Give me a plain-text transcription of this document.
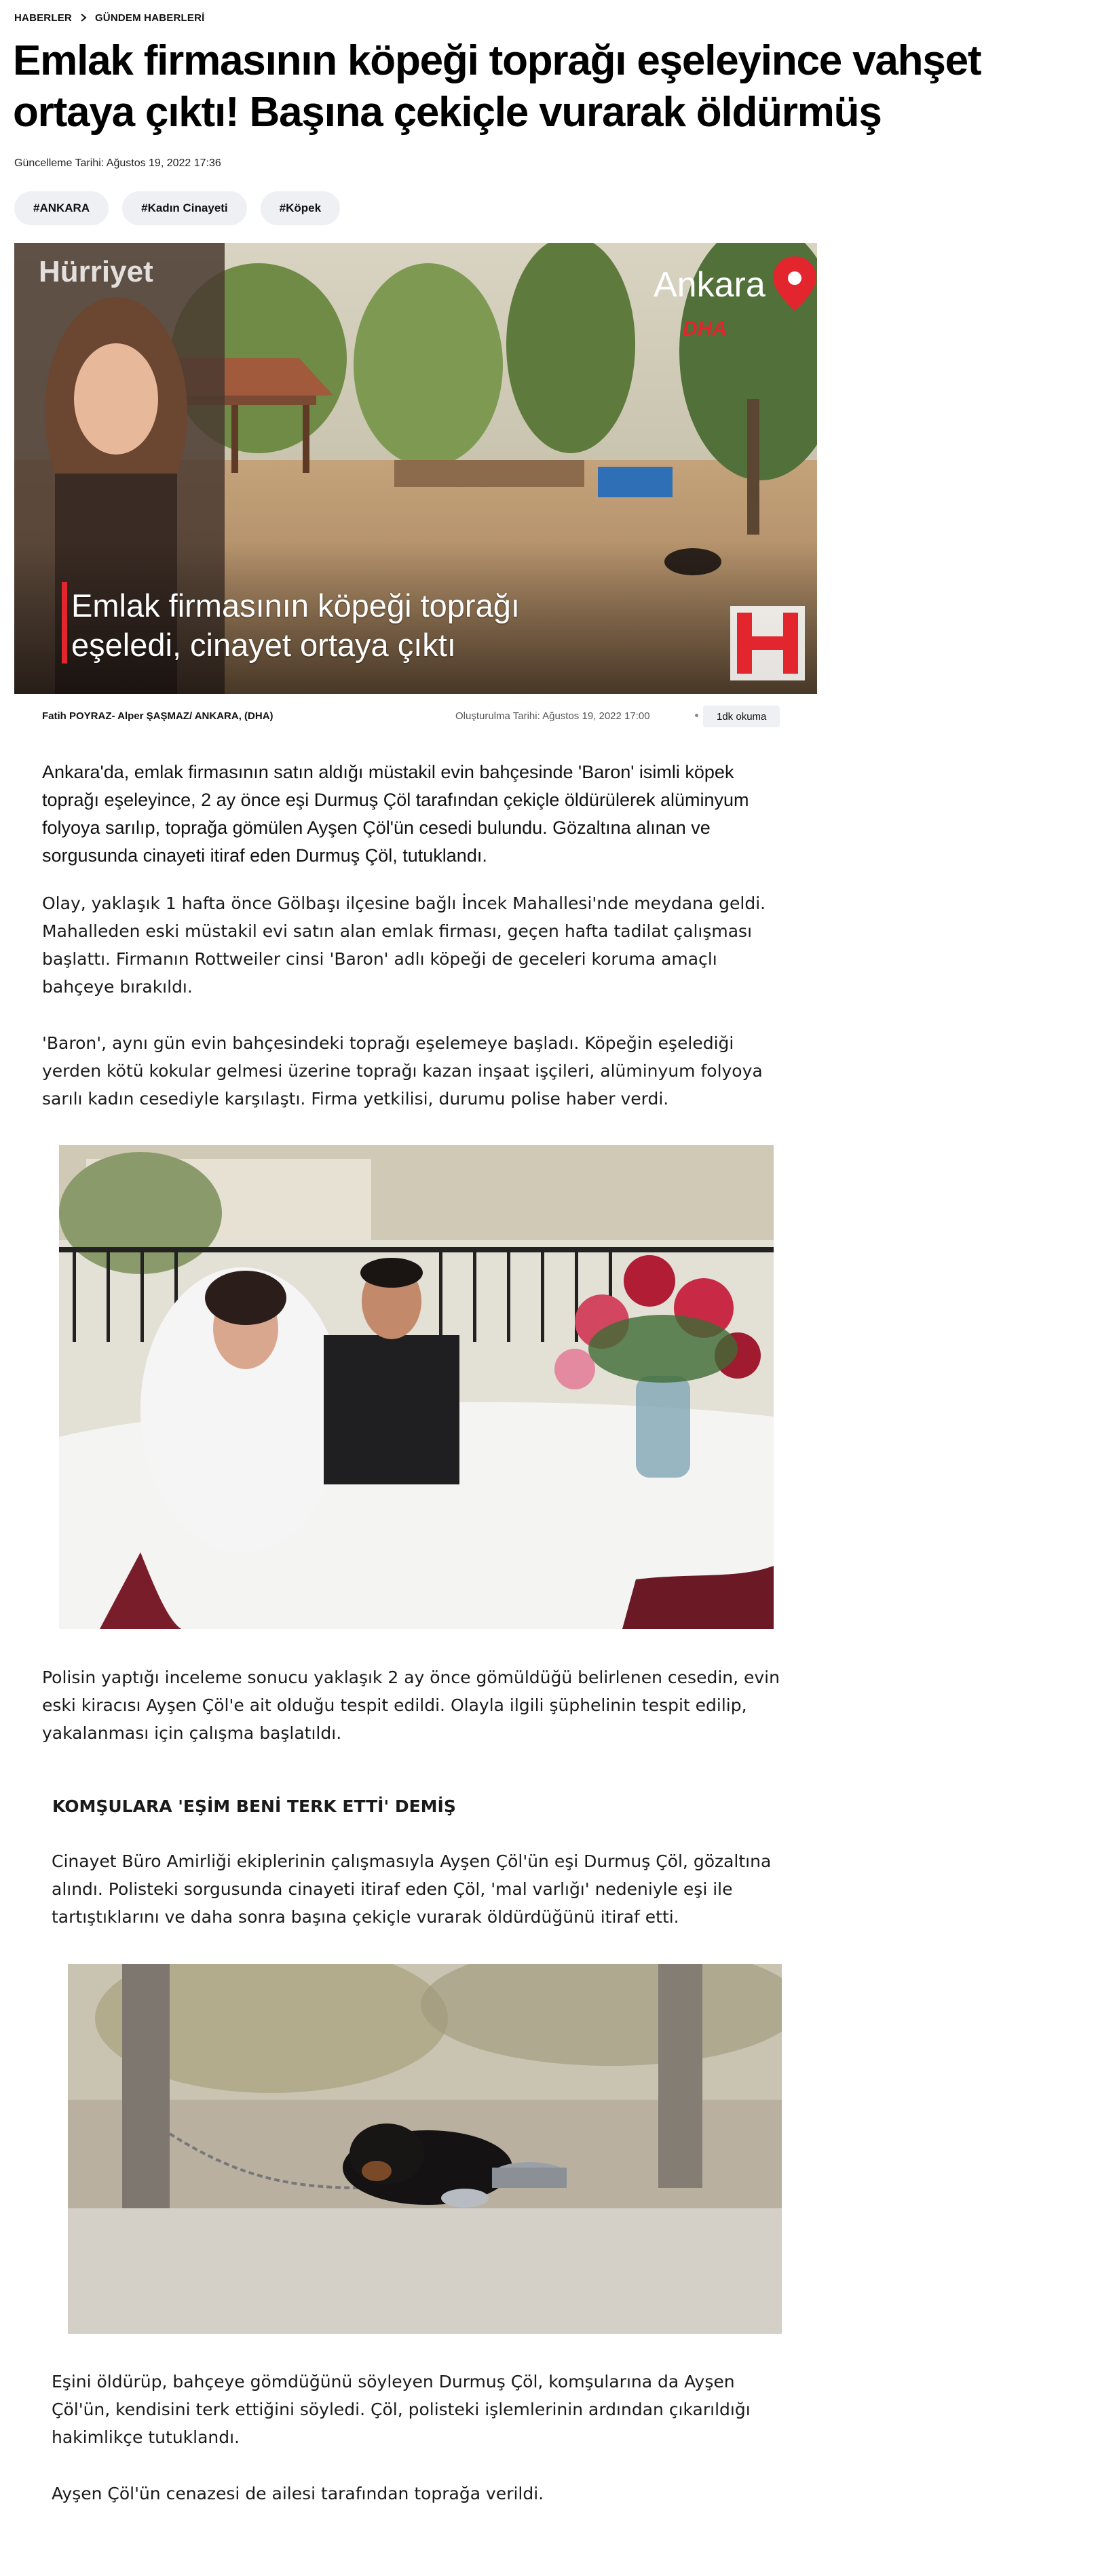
HABERLER GÜNDEM HABERLERİ
Emlak firmasının köpeği toprağı eşeleyince vahşet ortaya çıktı! Başına çekiçle vurarak öldürmüş
Güncelleme Tarihi: Ağustos 19, 2022 17:36
#ANKARA	#Kadın Cinayeti	#Köpek
Hürriyet	Ankara
DHA
Emlak firmasının köpeği toprağı eşeledi, cinayet ortaya çıktı
Fatih POYRAZ- Alper ŞAŞMAZ/ ANKARA, (DHA)	Oluşturulma Tarihi: Ağustos 19, 2022 17:00	1dk okuma

Ankara'da, emlak firmasının satın aldığı müstakil evin bahçesinde 'Baron' isimli köpek toprağı eşeleyince, 2 ay önce eşi Durmuş Çöl tarafından çekiçle öldürülerek alüminyum folyoya sarılıp, toprağa gömülen Ayşen Çöl'ün cesedi bulundu. Gözaltına alınan ve sorgusunda cinayeti itiraf eden Durmuş Çöl, tutuklandı.

Olay, yaklaşık 1 hafta önce Gölbaşı ilçesine bağlı İncek Mahallesi'nde meydana geldi. Mahalleden eski müstakil evi satın alan emlak firması, geçen hafta tadilat çalışması başlattı. Firmanın Rottweiler cinsi 'Baron' adlı köpeği de geceleri koruma amaçlı bahçeye bırakıldı.

'Baron', aynı gün evin bahçesindeki toprağı eşelemeye başladı. Köpeğin eşelediği yerden kötü kokular gelmesi üzerine toprağı kazan inşaat işçileri, alüminyum folyoya sarılı kadın cesediyle karşılaştı. Firma yetkilisi, durumu polise haber verdi.

Polisin yaptığı inceleme sonucu yaklaşık 2 ay önce gömüldüğü belirlenen cesedin, evin eski kiracısı Ayşen Çöl'e ait olduğu tespit edildi. Olayla ilgili şüphelinin tespit edilip, yakalanması için çalışma başlatıldı.

KOMŞULARA 'EŞİM BENİ TERK ETTİ' DEMİŞ

Cinayet Büro Amirliği ekiplerinin çalışmasıyla Ayşen Çöl'ün eşi Durmuş Çöl, gözaltına alındı. Polisteki sorgusunda cinayeti itiraf eden Çöl, 'mal varlığı' nedeniyle eşi ile tartıştıklarını ve daha sonra başına çekiçle vurarak öldürdüğünü itiraf etti.

Eşini öldürüp, bahçeye gömdüğünü söyleyen Durmuş Çöl, komşularına da Ayşen Çöl'ün, kendisini terk ettiğini söyledi. Çöl, polisteki işlemlerinin ardından çıkarıldığı hakimlikçe tutuklandı.

Ayşen Çöl'ün cenazesi de ailesi tarafından toprağa verildi.
